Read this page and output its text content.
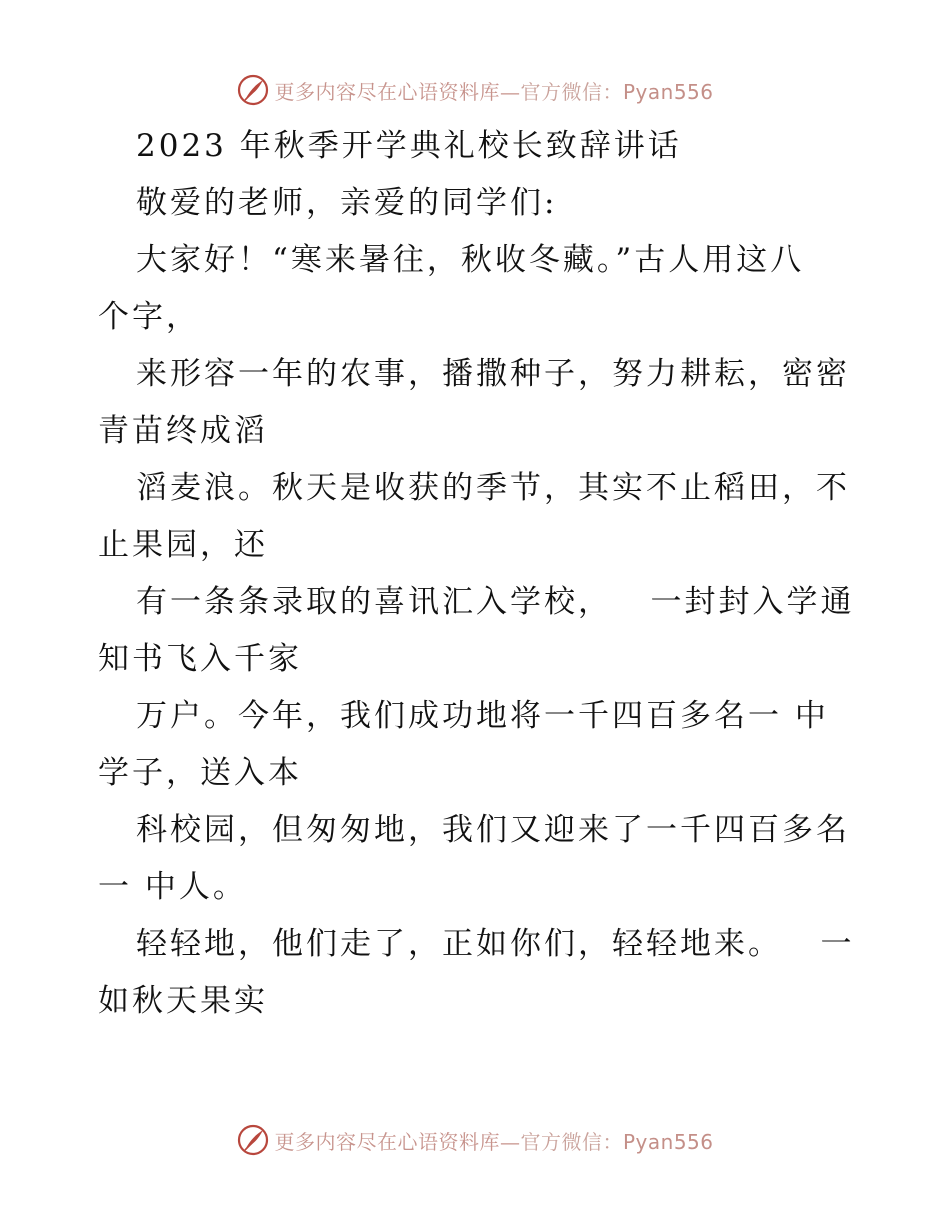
更多内容尽在心语资料库—官方微信：Pyan556
2023 年秋季开学典礼校长致辞讲话
敬爱的老师，亲爱的同学们:
大家好！“寒来暑往，秋收冬藏。”古人用这八
个字，
来形容一年的农事，播撒种子，努力耕耘，密密
青苗终成滔
滔麦浪。秋天是收获的季节，其实不止稻田，不
止果园，还
有一条条录取的喜讯汇入学校，   一封封入学通
知书飞入千家
万户。今年，我们成功地将一千四百多名一 中
学子，送入本
科校园，但匆匆地，我们又迎来了一千四百多名
一 中人。
轻轻地，他们走了，正如你们，轻轻地来。   一
如秋天果实
更多内容尽在心语资料库—官方微信：Pyan556
